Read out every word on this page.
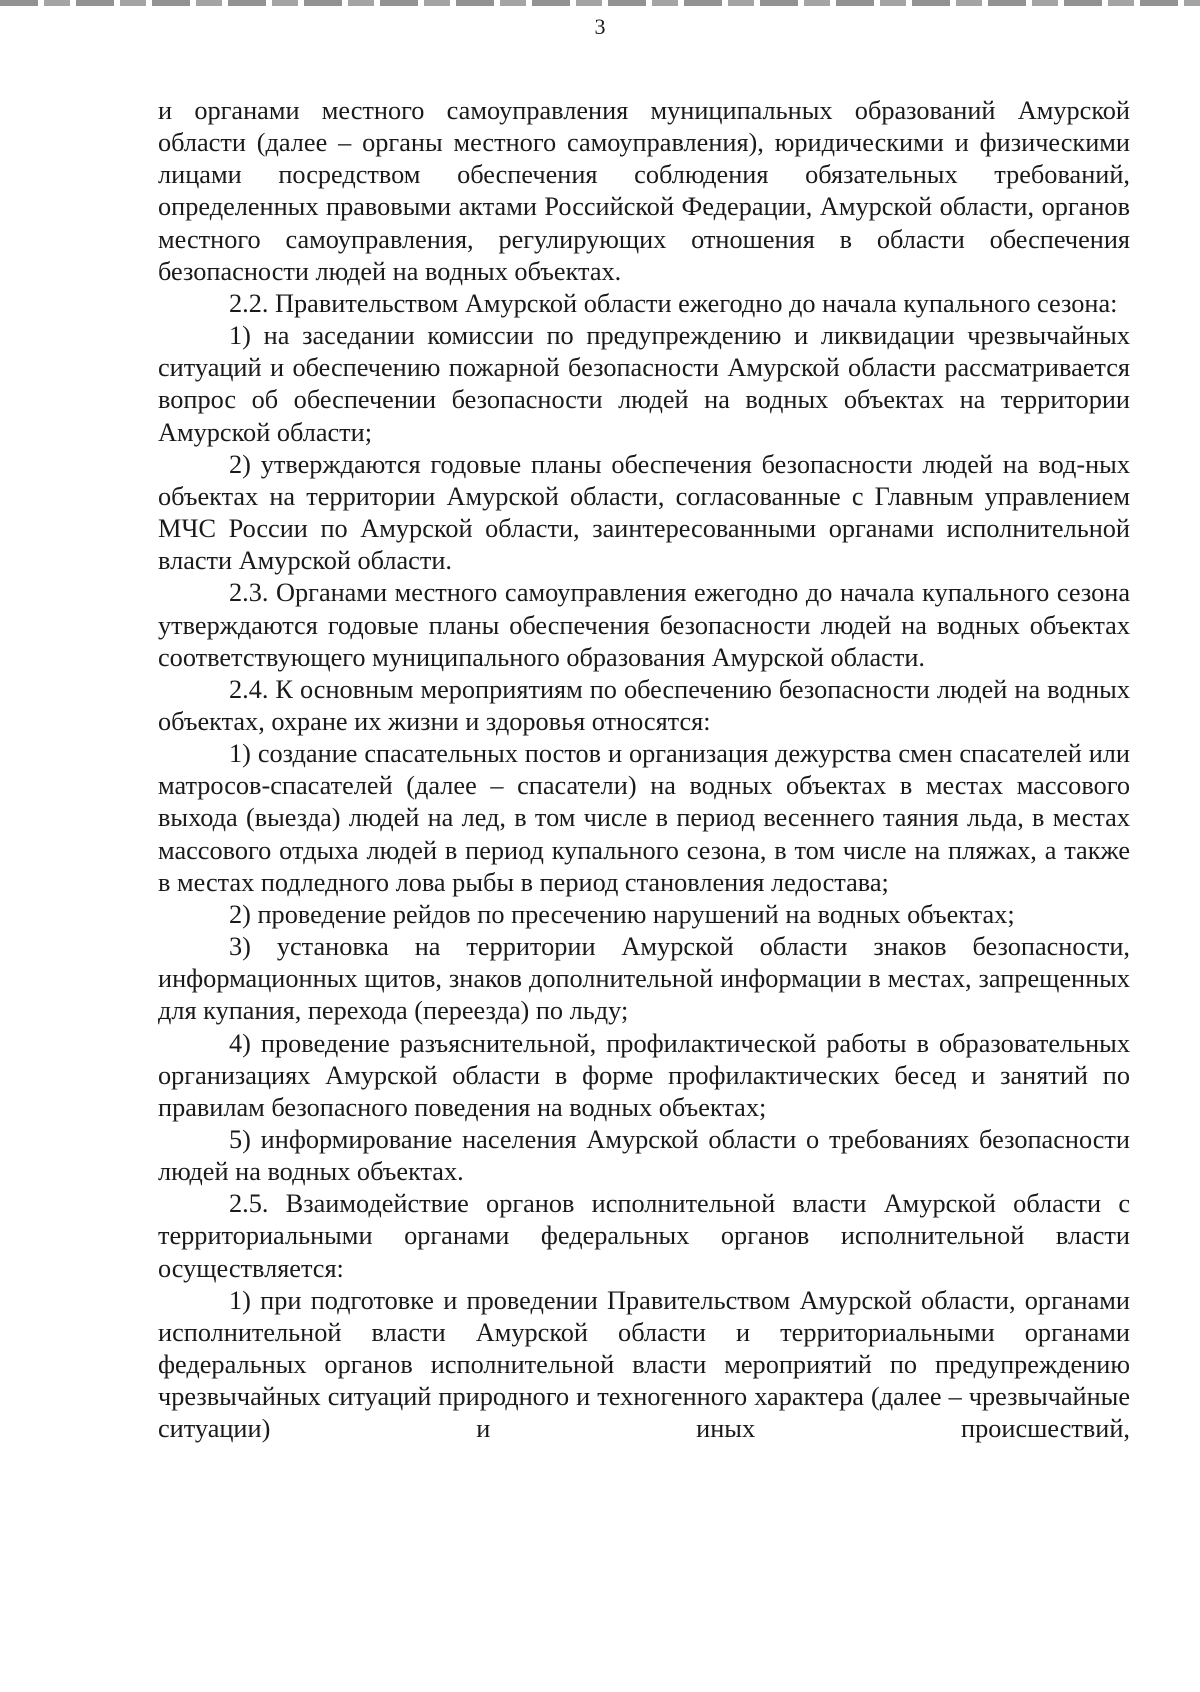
3

и органами местного самоуправления муниципальных образований Амурской области (далее – органы местного самоуправления), юридическими и физическими лицами посредством обеспечения соблюдения обязательных требований, определенных правовыми актами Российской Федерации, Амурской области, органов местного самоуправления, регулирующих отношения в области обеспечения безопасности людей на водных объектах.

2.2. Правительством Амурской области ежегодно до начала купального сезона:

1) на заседании комиссии по предупреждению и ликвидации чрезвычайных ситуаций и обеспечению пожарной безопасности Амурской области рассматривается вопрос об обеспечении безопасности людей на водных объектах на территории Амурской области;

2) утверждаются годовые планы обеспечения безопасности людей на вод-ных объектах на территории Амурской области, согласованные с Главным управлением МЧС России по Амурской области, заинтересованными органами исполнительной власти Амурской области.

2.3. Органами местного самоуправления ежегодно до начала купального сезона утверждаются годовые планы обеспечения безопасности людей на водных объектах соответствующего муниципального образования Амурской области.

2.4. К основным мероприятиям по обеспечению безопасности людей на водных объектах, охране их жизни и здоровья относятся:

1) создание спасательных постов и организация дежурства смен спасателей или матросов-спасателей (далее – спасатели) на водных объектах в местах массового выхода (выезда) людей на лед, в том числе в период весеннего таяния льда, в местах массового отдыха людей в период купального сезона, в том числе на пляжах, а также в местах подледного лова рыбы в период становления ледостава;

2) проведение рейдов по пресечению нарушений на водных объектах;

3) установка на территории Амурской области знаков безопасности, информационных щитов, знаков дополнительной информации в местах, запрещенных для купания, перехода (переезда) по льду;

4) проведение разъяснительной, профилактической работы в образовательных организациях Амурской области в форме профилактических бесед и занятий по правилам безопасного поведения на водных объектах;

5) информирование населения Амурской области о требованиях безопасности людей на водных объектах.

2.5. Взаимодействие органов исполнительной власти Амурской области с территориальными органами федеральных органов исполнительной власти осуществляется:

1) при подготовке и проведении Правительством Амурской области, органами исполнительной власти Амурской области и территориальными органами федеральных органов исполнительной власти мероприятий по предупреждению чрезвычайных ситуаций природного и техногенного характера (далее – чрезвычайные ситуации) и иных происшествий,
